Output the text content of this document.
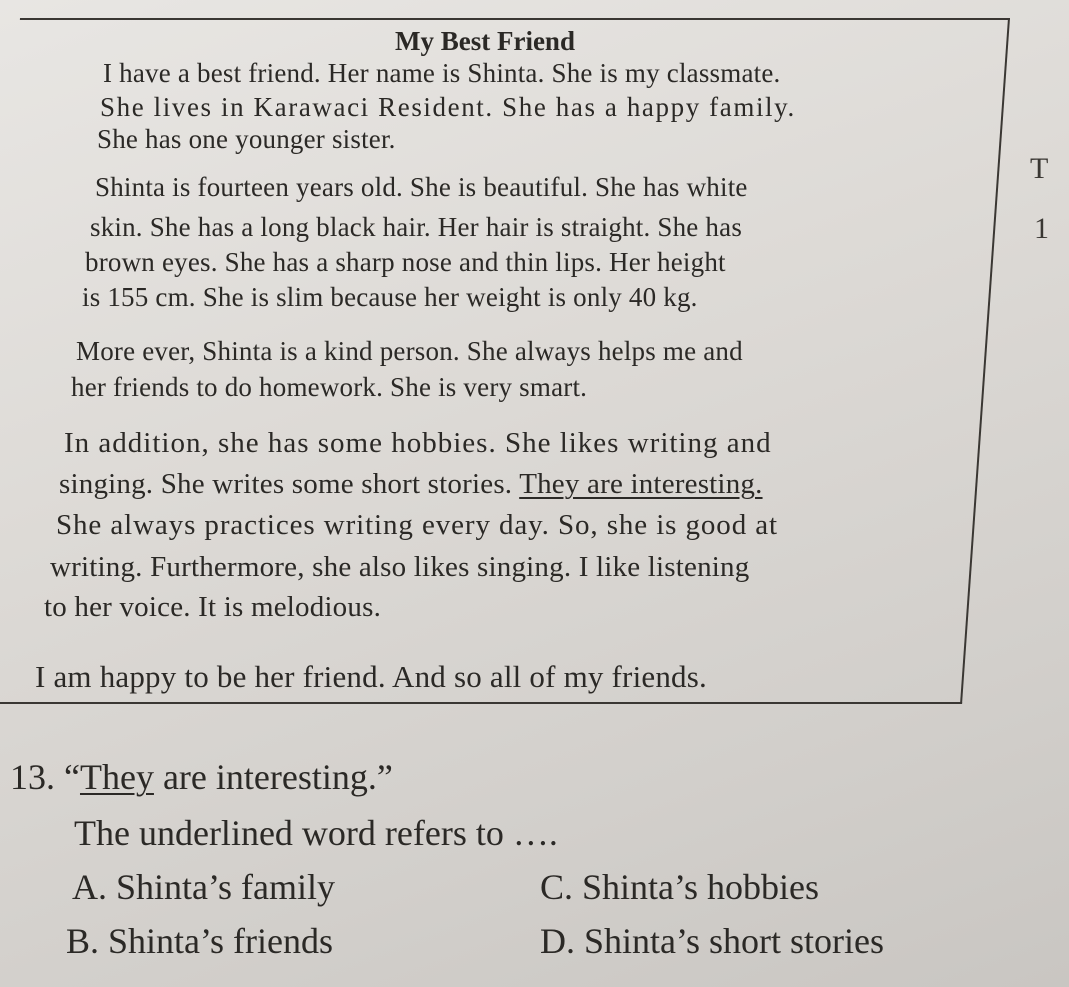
My Best Friend
I have a best friend. Her name is Shinta. She is my classmate.
She lives in Karawaci Resident. She has a happy family.
She has one younger sister.
Shinta is fourteen years old. She is beautiful. She has white
skin. She has a long black hair. Her hair is straight. She has
brown eyes. She has a sharp nose and thin lips. Her height
is 155 cm. She is slim because her weight is only 40 kg.
More ever, Shinta is a kind person. She always helps me and
her friends to do homework. She is very smart.
In addition, she has some hobbies. She likes writing and
singing. She writes some short stories. They are interesting.
She always practices writing every day. So, she is good at
writing. Furthermore, she also likes singing. I like listening
to her voice. It is melodious.
I am happy to be her friend. And so all of my friends.
T
1
13. “They are interesting.”
The underlined word refers to ….
A. Shinta’s family	C. Shinta’s hobbies
B. Shinta’s friends	D. Shinta’s short stories
